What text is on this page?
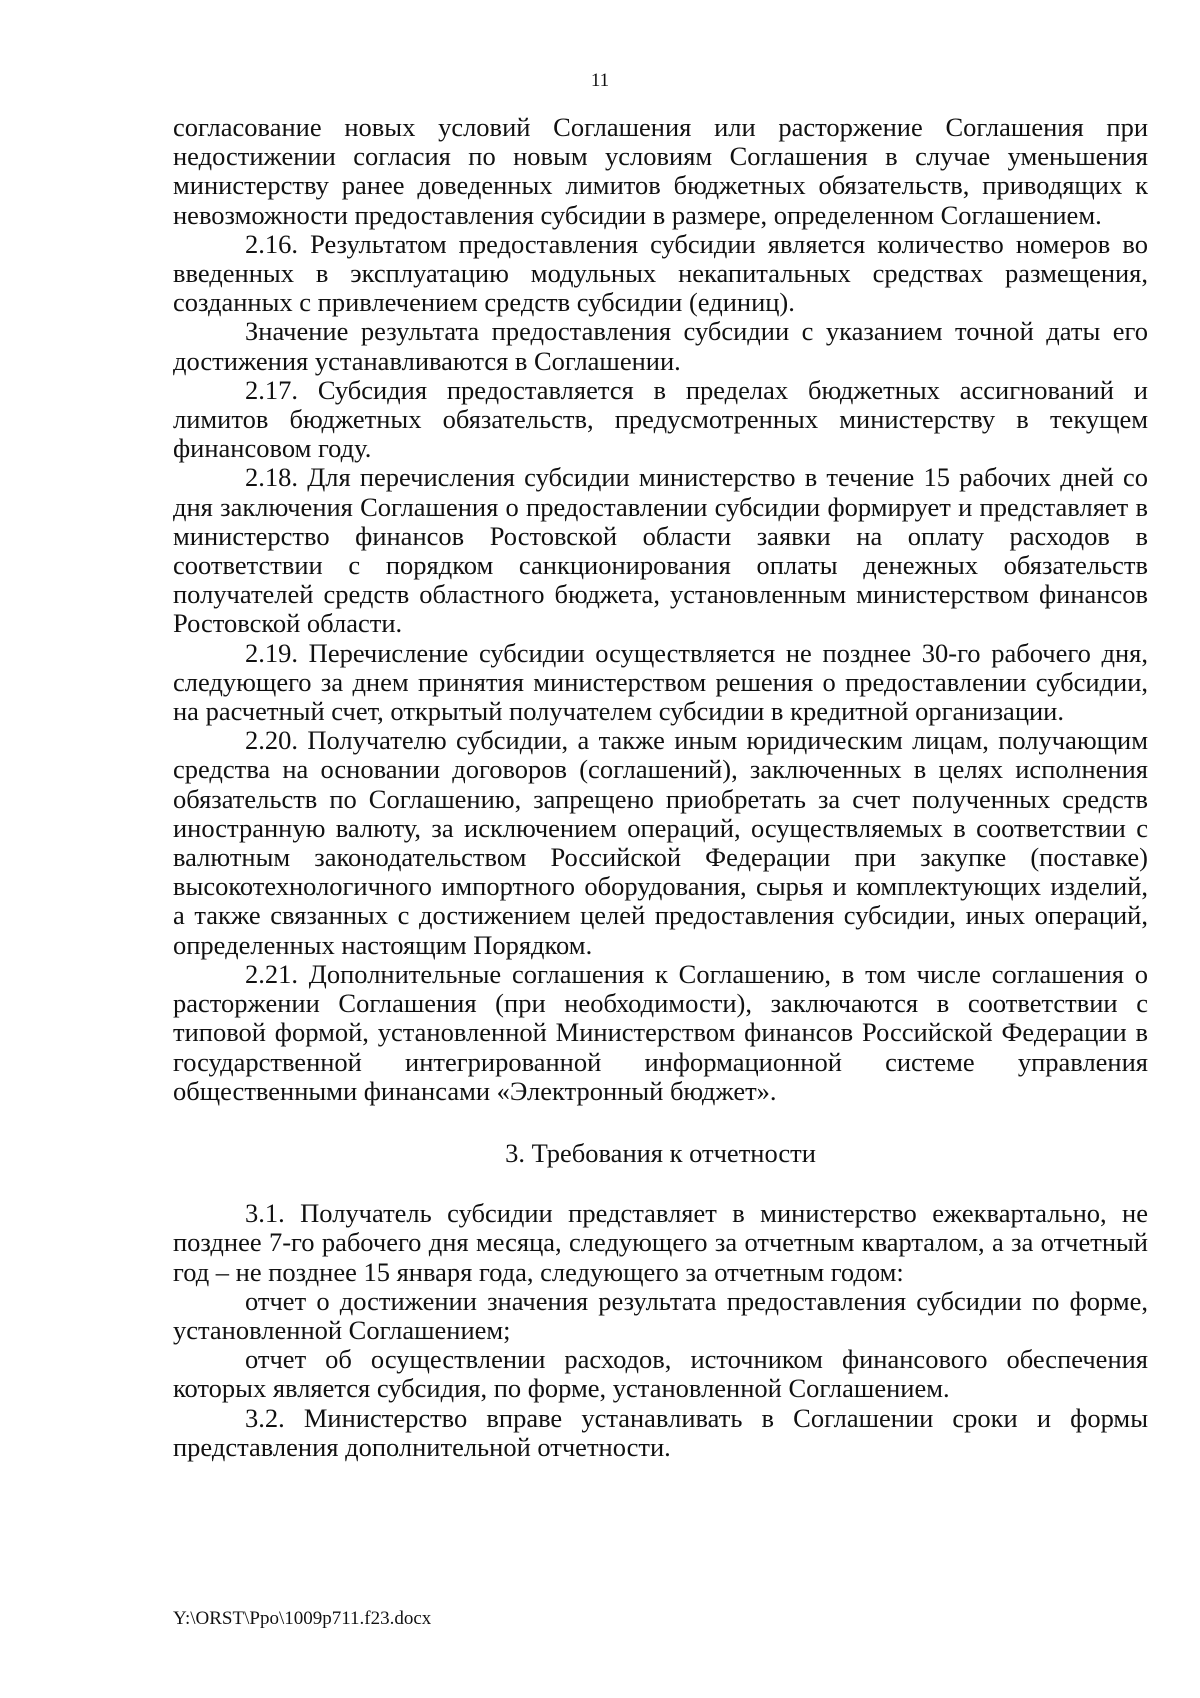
11

согласование новых условий Соглашения или расторжение Соглашения при недостижении согласия по новым условиям Соглашения в случае уменьшения министерству ранее доведенных лимитов бюджетных обязательств, приводящих к невозможности предоставления субсидии в размере, определенном Соглашением.

2.16. Результатом предоставления субсидии является количество номеров во введенных в эксплуатацию модульных некапитальных средствах размещения, созданных с привлечением средств субсидии (единиц).

Значение результата предоставления субсидии с указанием точной даты его достижения устанавливаются в Соглашении.

2.17. Субсидия предоставляется в пределах бюджетных ассигнований и лимитов бюджетных обязательств, предусмотренных министерству в текущем финансовом году.

2.18. Для перечисления субсидии министерство в течение 15 рабочих дней со дня заключения Соглашения о предоставлении субсидии формирует и представляет в министерство финансов Ростовской области заявки на оплату расходов в соответствии с порядком санкционирования оплаты денежных обязательств получателей средств областного бюджета, установленным министерством финансов Ростовской области.

2.19. Перечисление субсидии осуществляется не позднее 30-го рабочего дня, следующего за днем принятия министерством решения о предоставлении субсидии, на расчетный счет, открытый получателем субсидии в кредитной организации.

2.20. Получателю субсидии, а также иным юридическим лицам, получающим средства на основании договоров (соглашений), заключенных в целях исполнения обязательств по Соглашению, запрещено приобретать за счет полученных средств иностранную валюту, за исключением операций, осуществляемых в соответствии с валютным законодательством Российской Федерации при закупке (поставке) высокотехнологичного импортного оборудования, сырья и комплектующих изделий, а также связанных с достижением целей предоставления субсидии, иных операций, определенных настоящим Порядком.

2.21. Дополнительные соглашения к Соглашению, в том числе соглашения о расторжении Соглашения (при необходимости), заключаются в соответствии с типовой формой, установленной Министерством финансов Российской Федерации в государственной интегрированной информационной системе управления общественными финансами «Электронный бюджет».

3. Требования к отчетности

3.1. Получатель субсидии представляет в министерство ежеквартально, не позднее 7-го рабочего дня месяца, следующего за отчетным кварталом, а за отчетный год – не позднее 15 января года, следующего за отчетным годом:

отчет о достижении значения результата предоставления субсидии по форме, установленной Соглашением;

отчет об осуществлении расходов, источником финансового обеспечения которых является субсидия, по форме, установленной Соглашением.

3.2. Министерство вправе устанавливать в Соглашении сроки и формы представления дополнительной отчетности.

Y:\ORST\Ppo\1009p711.f23.docx
